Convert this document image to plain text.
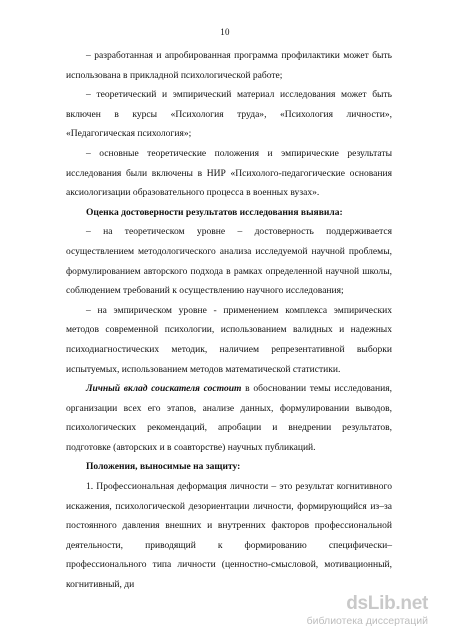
10

– разработанная и апробированная программа профилактики может быть использована в прикладной психологической работе;

– теоретический и эмпирический материал исследования может быть включен в курсы «Психология труда», «Психология личности», «Педагогическая психология»;

– основные теоретические положения и эмпирические результаты исследования были включены в НИР «Психолого-педагогические основания аксиологизации образовательного процесса в военных вузах».

Оценка достоверности результатов исследования выявила:

– на теоретическом уровне – достоверность поддерживается осуществлением методологического анализа исследуемой научной проблемы, формулированием авторского подхода в рамках определенной научной школы, соблюдением требований к осуществлению научного исследования;

– на эмпирическом уровне - применением комплекса эмпирических методов современной психологии, использованием валидных и надежных психодиагностических методик, наличием репрезентативной выборки испытуемых, использованием методов математической статистики.

Личный вклад соискателя состоит в обосновании темы исследования, организации всех его этапов, анализе данных, формулировании выводов, психологических рекомендаций, апробации и внедрении результатов, подготовке (авторских и в соавторстве) научных публикаций.

Положения, выносимые на защиту:

1. Профессиональная деформация личности – это результат когнитивного искажения, психологической дезориентации личности, формирующийся из–за постоянного давления внешних и внутренних факторов профессиональной деятельности, приводящий к формированию специфически–профессионального типа личности (ценностно-смысловой, мотивационный, когнитивный, ди

dsLib.net
библиотека диссертаций
